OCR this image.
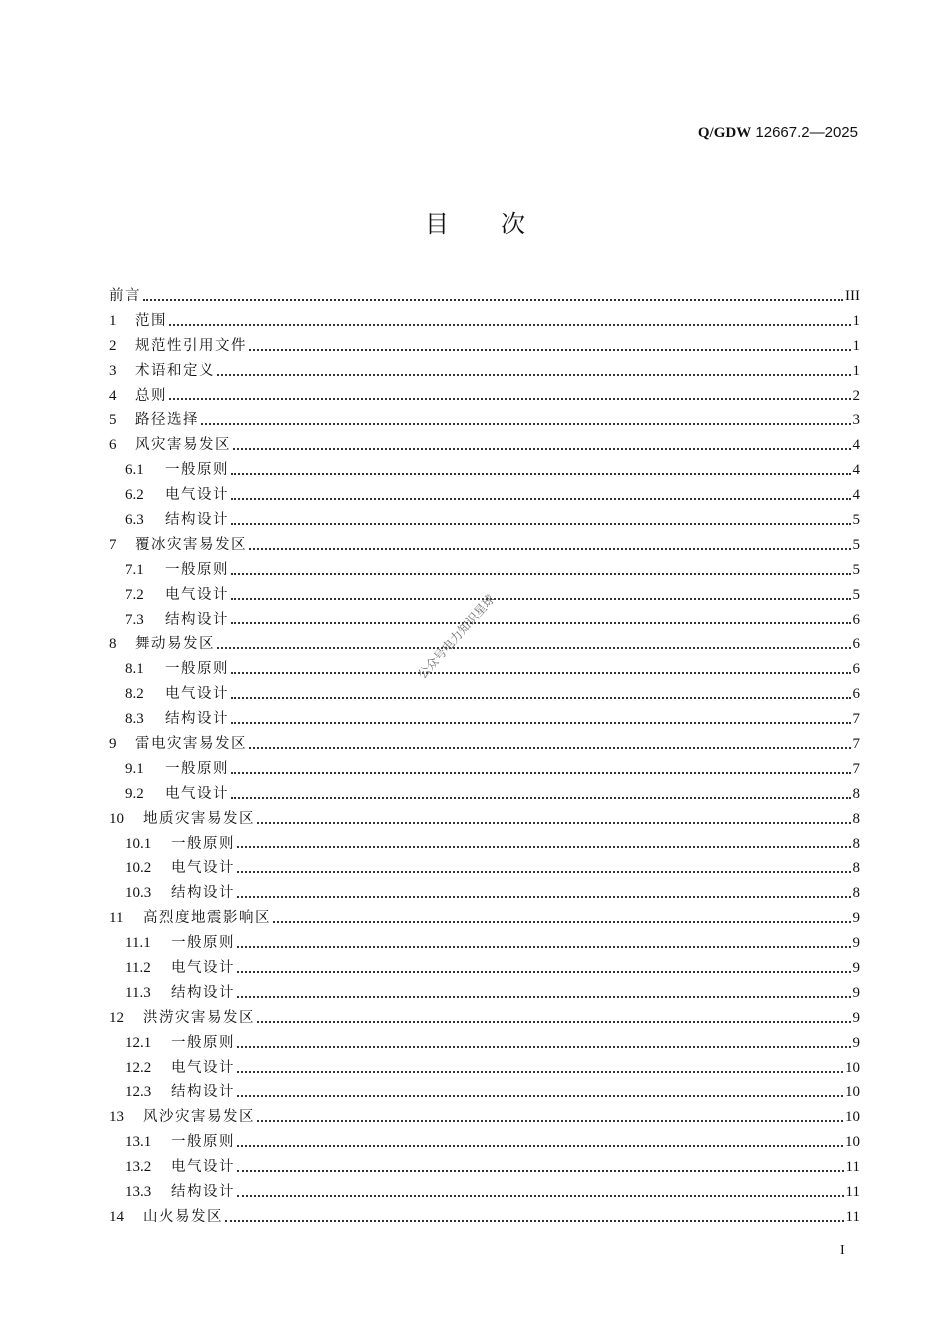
Q/GDW 12667.2—2025
目 次
前言	III
1	范围	1
2	规范性引用文件	1
3	术语和定义	1
4	总则	2
5	路径选择	3
6	风灾害易发区	4
6.1	一般原则	4
6.2	电气设计	4
6.3	结构设计	5
7	覆冰灾害易发区	5
7.1	一般原则	5
7.2	电气设计	5
7.3	结构设计	6
8	舞动易发区	6
8.1	一般原则	6
8.2	电气设计	6
8.3	结构设计	7
9	雷电灾害易发区	7
9.1	一般原则	7
9.2	电气设计	8
10	地质灾害易发区	8
10.1	一般原则	8
10.2	电气设计	8
10.3	结构设计	8
11	高烈度地震影响区	9
11.1	一般原则	9
11.2	电气设计	9
11.3	结构设计	9
12	洪涝灾害易发区	9
12.1	一般原则	9
12.2	电气设计	10
12.3	结构设计	10
13	风沙灾害易发区	10
13.1	一般原则	10
13.2	电气设计	11
13.3	结构设计	11
14	山火易发区	11
公众号电力知识星球
I
